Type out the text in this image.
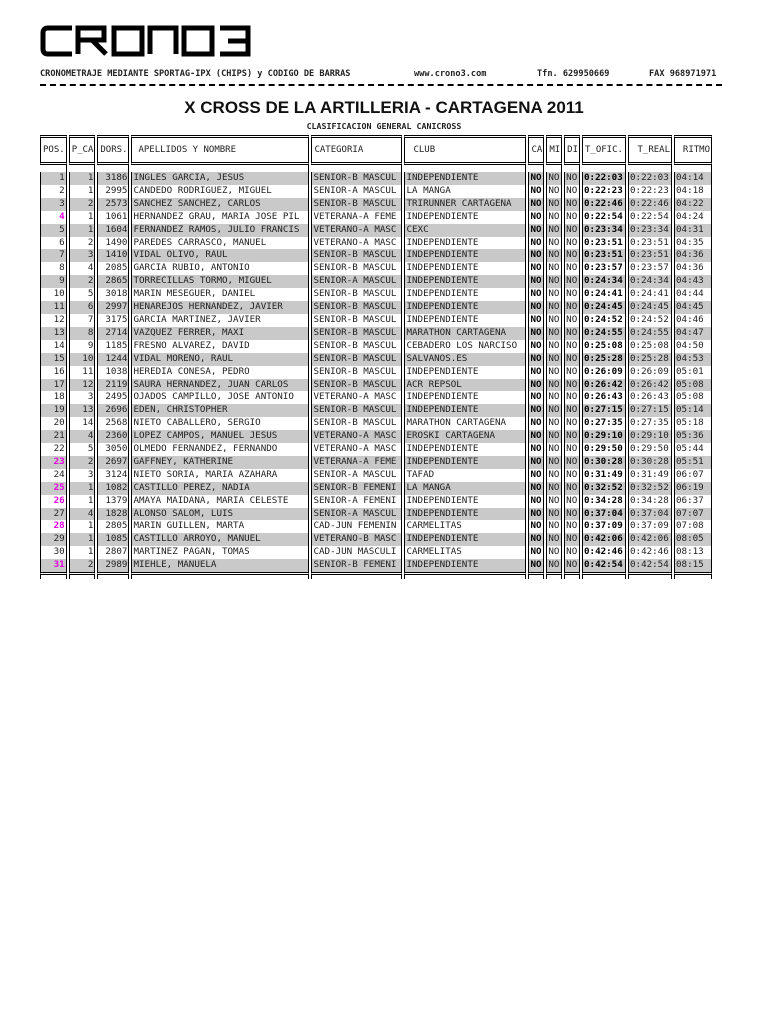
CRONOMETRAJE MEDIANTE SPORTAG-IPX (CHIPS) y CODIGO DE BARRAS	www.crono3.com	Tfn. 629950669	FAX 968971971
X CROSS DE LA ARTILLERIA - CARTAGENA 2011
CLASIFICACION GENERAL CANICROSS
POS.	P_CA	DORS.	APELLIDOS Y NOMBRE	CATEGORIA	CLUB	CA	MI	DI	T_OFIC.	T_REAL	RITMO

1	1	3186	INGLES GARCIA, JESUS	SENIOR-B MASCUL	INDEPENDIENTE	NO	NO	NO	0:22:03	0:22:03	04:14
2	1	2995	CANDEDO RODRIGUEZ, MIGUEL	SENIOR-A MASCUL	LA MANGA	NO	NO	NO	0:22:23	0:22:23	04:18
3	2	2573	SANCHEZ SANCHEZ, CARLOS	SENIOR-B MASCUL	TRIRUNNER CARTAGENA	NO	NO	NO	0:22:46	0:22:46	04:22
4	1	1061	HERNANDEZ GRAU, MARIA JOSE PIL	VETERANA-A FEME	INDEPENDIENTE	NO	NO	NO	0:22:54	0:22:54	04:24
5	1	1604	FERNANDEZ RAMOS, JULIO FRANCIS	VETERANO-A MASC	CEXC	NO	NO	NO	0:23:34	0:23:34	04:31
6	2	1490	PAREDES CARRASCO, MANUEL	VETERANO-A MASC	INDEPENDIENTE	NO	NO	NO	0:23:51	0:23:51	04:35
7	3	1410	VIDAL OLIVO, RAUL	SENIOR-B MASCUL	INDEPENDIENTE	NO	NO	NO	0:23:51	0:23:51	04:36
8	4	2085	GARCIA RUBIO, ANTONIO	SENIOR-B MASCUL	INDEPENDIENTE	NO	NO	NO	0:23:57	0:23:57	04:36
9	2	2865	TORRECILLAS TORMO, MIGUEL	SENIOR-A MASCUL	INDEPENDIENTE	NO	NO	NO	0:24:34	0:24:34	04:43
10	5	3018	MARIN MESEGUER, DANIEL	SENIOR-B MASCUL	INDEPENDIENTE	NO	NO	NO	0:24:41	0:24:41	04:44
11	6	2997	HENAREJOS HERNANDEZ, JAVIER	SENIOR-B MASCUL	INDEPENDIENTE	NO	NO	NO	0:24:45	0:24:45	04:45
12	7	3175	GARCIA MARTINEZ, JAVIER	SENIOR-B MASCUL	INDEPENDIENTE	NO	NO	NO	0:24:52	0:24:52	04:46
13	8	2714	VAZQUEZ FERRER, MAXI	SENIOR-B MASCUL	MARATHON CARTAGENA	NO	NO	NO	0:24:55	0:24:55	04:47
14	9	1185	FRESNO ALVAREZ, DAVID	SENIOR-B MASCUL	CEBADERO LOS NARCISO	NO	NO	NO	0:25:08	0:25:08	04:50
15	10	1244	VIDAL MORENO, RAUL	SENIOR-B MASCUL	SALVANOS.ES	NO	NO	NO	0:25:28	0:25:28	04:53
16	11	1038	HEREDIA CONESA, PEDRO	SENIOR-B MASCUL	INDEPENDIENTE	NO	NO	NO	0:26:09	0:26:09	05:01
17	12	2119	SAURA HERNANDEZ, JUAN CARLOS	SENIOR-B MASCUL	ACR REPSOL	NO	NO	NO	0:26:42	0:26:42	05:08
18	3	2495	OJADOS CAMPILLO, JOSE ANTONIO	VETERANO-A MASC	INDEPENDIENTE	NO	NO	NO	0:26:43	0:26:43	05:08
19	13	2696	EDEN, CHRISTOPHER	SENIOR-B MASCUL	INDEPENDIENTE	NO	NO	NO	0:27:15	0:27:15	05:14
20	14	2568	NIETO CABALLERO, SERGIO	SENIOR-B MASCUL	MARATHON CARTAGENA	NO	NO	NO	0:27:35	0:27:35	05:18
21	4	2360	LOPEZ CAMPOS, MANUEL JESUS	VETERANO-A MASC	EROSKI CARTAGENA	NO	NO	NO	0:29:10	0:29:10	05:36
22	5	3050	OLMEDO FERNANDEZ, FERNANDO	VETERANO-A MASC	INDEPENDIENTE	NO	NO	NO	0:29:50	0:29:50	05:44
23	2	2697	GAFFNEY, KATHERINE	VETERANA-A FEME	INDEPENDIENTE	NO	NO	NO	0:30:28	0:30:28	05:51
24	3	3124	NIETO SORIA, MARIA AZAHARA	SENIOR-A MASCUL	TAFAD	NO	NO	NO	0:31:49	0:31:49	06:07
25	1	1082	CASTILLO PEREZ, NADIA	SENIOR-B FEMENI	LA MANGA	NO	NO	NO	0:32:52	0:32:52	06:19
26	1	1379	AMAYA MAIDANA, MARIA CELESTE	SENIOR-A FEMENI	INDEPENDIENTE	NO	NO	NO	0:34:28	0:34:28	06:37
27	4	1828	ALONSO SALOM, LUIS	SENIOR-A MASCUL	INDEPENDIENTE	NO	NO	NO	0:37:04	0:37:04	07:07
28	1	2805	MARIN GUILLEN, MARTA	CAD-JUN FEMENIN	CARMELITAS	NO	NO	NO	0:37:09	0:37:09	07:08
29	1	1085	CASTILLO ARROYO, MANUEL	VETERANO-B MASC	INDEPENDIENTE	NO	NO	NO	0:42:06	0:42:06	08:05
30	1	2807	MARTINEZ PAGAN, TOMAS	CAD-JUN MASCULI	CARMELITAS	NO	NO	NO	0:42:46	0:42:46	08:13
31	2	2989	MIEHLE, MANUELA	SENIOR-B FEMENI	INDEPENDIENTE	NO	NO	NO	0:42:54	0:42:54	08:15
